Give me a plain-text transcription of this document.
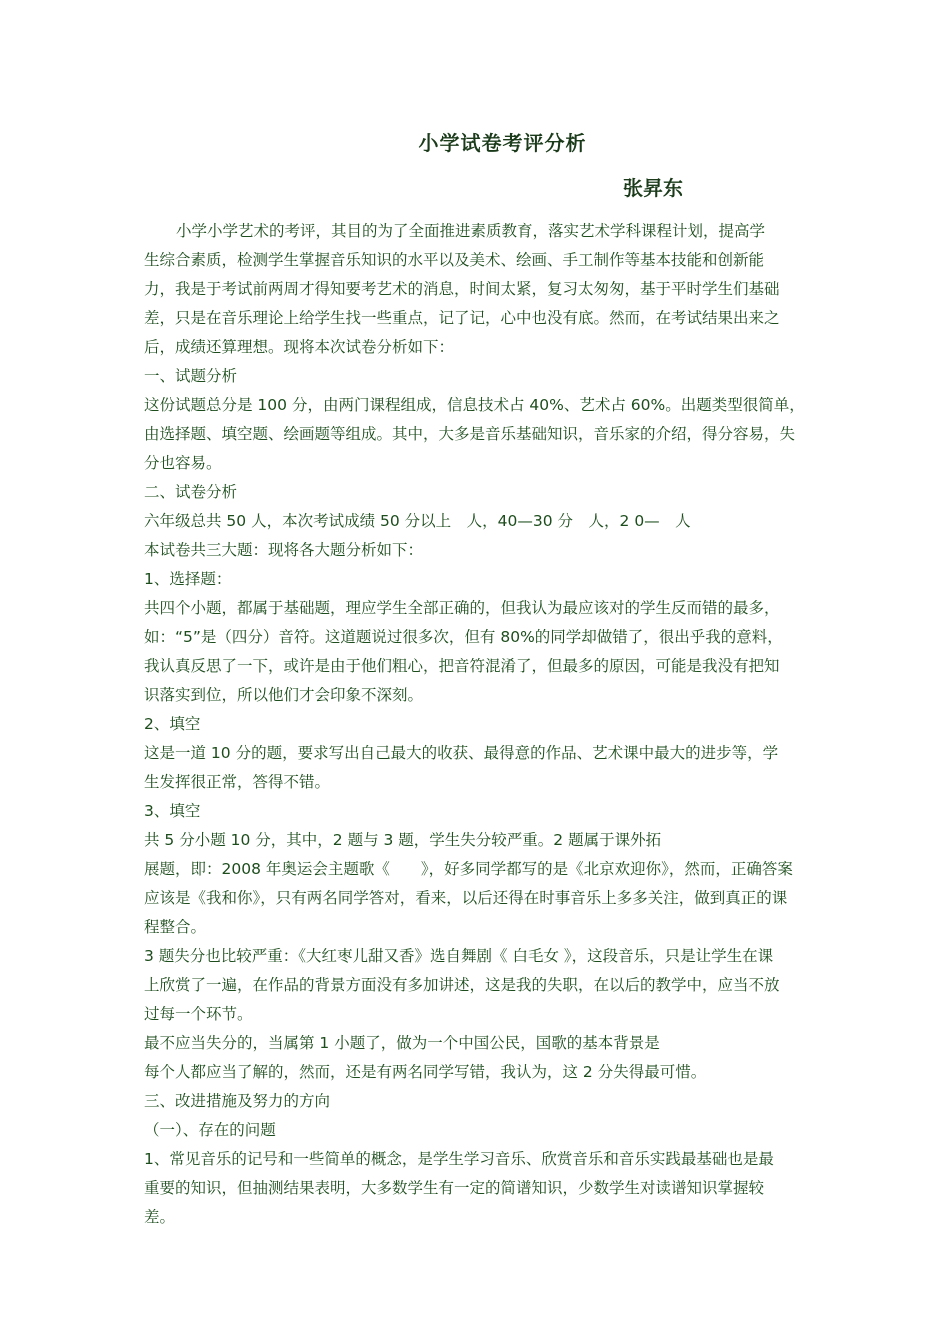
小学试卷考评分析
张昇东
小学小学艺术的考评，其目的为了全面推进素质教育，落实艺术学科课程计划，提高学
生综合素质，检测学生掌握音乐知识的水平以及美术、绘画、手工制作等基本技能和创新能
力，我是于考试前两周才得知要考艺术的消息，时间太紧，复习太匆匆，基于平时学生们基础
差，只是在音乐理论上给学生找一些重点，记了记，心中也没有底。然而，在考试结果出来之
后，成绩还算理想。现将本次试卷分析如下：
一、试题分析
这份试题总分是 100 分，由两门课程组成，信息技术占 40%、艺术占 60%。出题类型很简单，
由选择题、填空题、绘画题等组成。其中，大多是音乐基础知识，音乐家的介绍，得分容易，失
分也容易。
二、试卷分析
六年级总共 50 人，本次考试成绩 50 分以上　人，40—30 分　人，2 0—　人
本试卷共三大题：现将各大题分析如下：
1、选择题：
共四个小题，都属于基础题，理应学生全部正确的，但我认为最应该对的学生反而错的最多，
如：“5”是（四分）音符。这道题说过很多次，但有 80%的同学却做错了，很出乎我的意料，
我认真反思了一下，或许是由于他们粗心，把音符混淆了，但最多的原因，可能是我没有把知
识落实到位，所以他们才会印象不深刻。
2、填空
这是一道 10 分的题，要求写出自己最大的收获、最得意的作品、艺术课中最大的进步等，学
生发挥很正常，答得不错。
3、填空
共 5 分小题 10 分，其中，2 题与 3 题，学生失分较严重。2 题属于课外拓
展题，即：2008 年奥运会主题歌《　　》，好多同学都写的是《北京欢迎你》，然而，正确答案
应该是《我和你》，只有两名同学答对，看来，以后还得在时事音乐上多多关注，做到真正的课
程整合。
3 题失分也比较严重：《大红枣儿甜又香》选自舞剧《 白毛女 》，这段音乐，只是让学生在课
上欣赏了一遍，在作品的背景方面没有多加讲述，这是我的失职，在以后的教学中，应当不放
过每一个环节。
最不应当失分的，当属第 1 小题了，做为一个中国公民，国歌的基本背景是
每个人都应当了解的，然而，还是有两名同学写错，我认为，这 2 分失得最可惜。
三、改进措施及努力的方向
（一）、存在的问题
1、常见音乐的记号和一些简单的概念，是学生学习音乐、欣赏音乐和音乐实践最基础也是最
重要的知识，但抽测结果表明，大多数学生有一定的简谱知识，少数学生对读谱知识掌握较
差。
